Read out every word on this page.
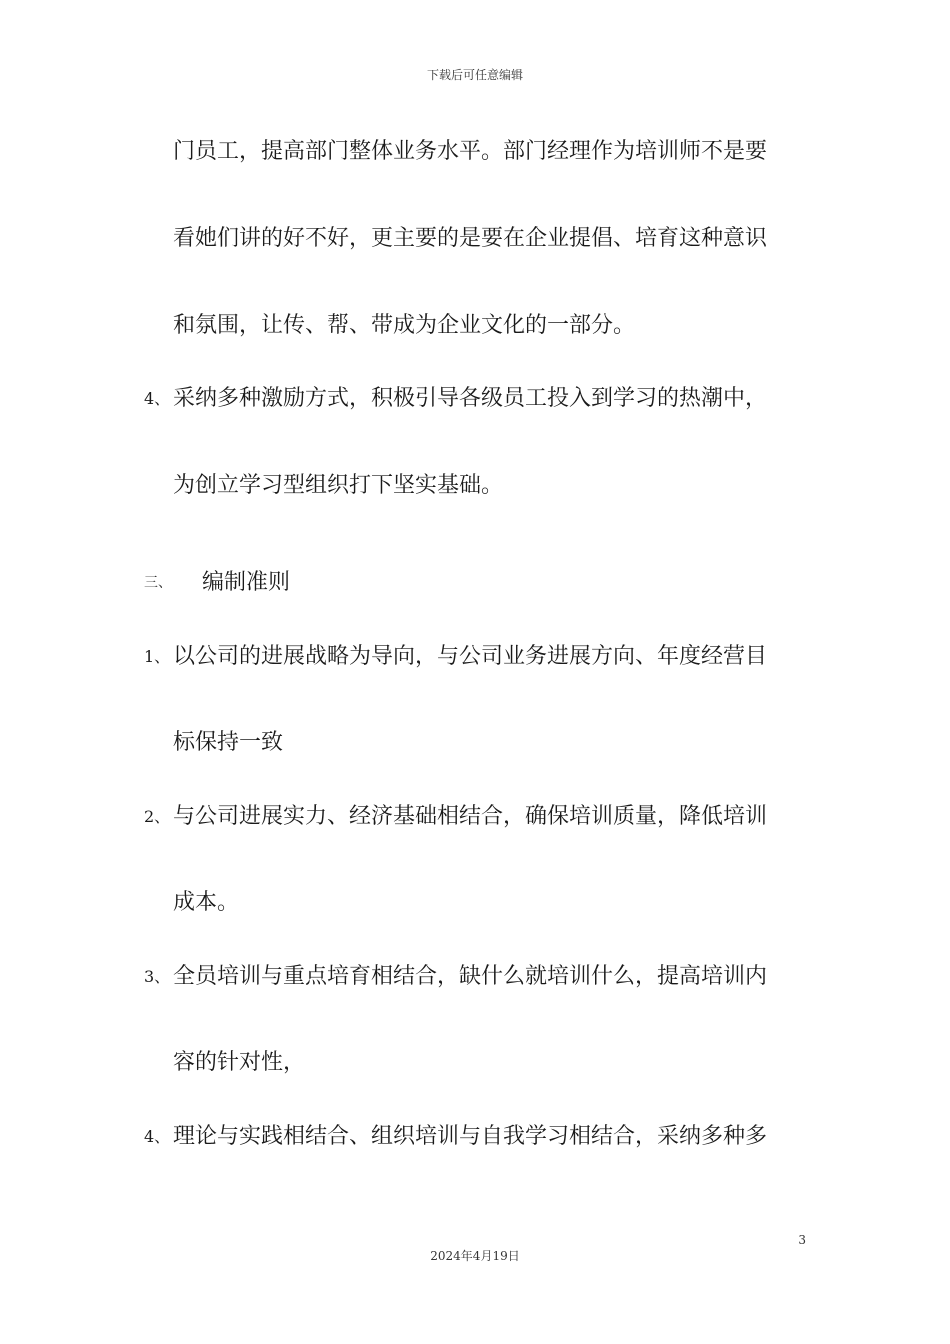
下载后可任意编辑
门员工，提高部门整体业务水平。部门经理作为培训师不是要
看她们讲的好不好，更主要的是要在企业提倡、培育这种意识
和氛围，让传、帮、带成为企业文化的一部分。
4、 采纳多种激励方式，积极引导各级员工投入到学习的热潮中，
为创立学习型组织打下坚实基础。
三、 编制准则
1、 以公司的进展战略为导向，与公司业务进展方向、年度经营目
标保持一致
2、 与公司进展实力、经济基础相结合，确保培训质量，降低培训
成本。
3、 全员培训与重点培育相结合，缺什么就培训什么，提高培训内
容的针对性，
4、 理论与实践相结合、组织培训与自我学习相结合，采纳多种多
3
2024年4月19日
